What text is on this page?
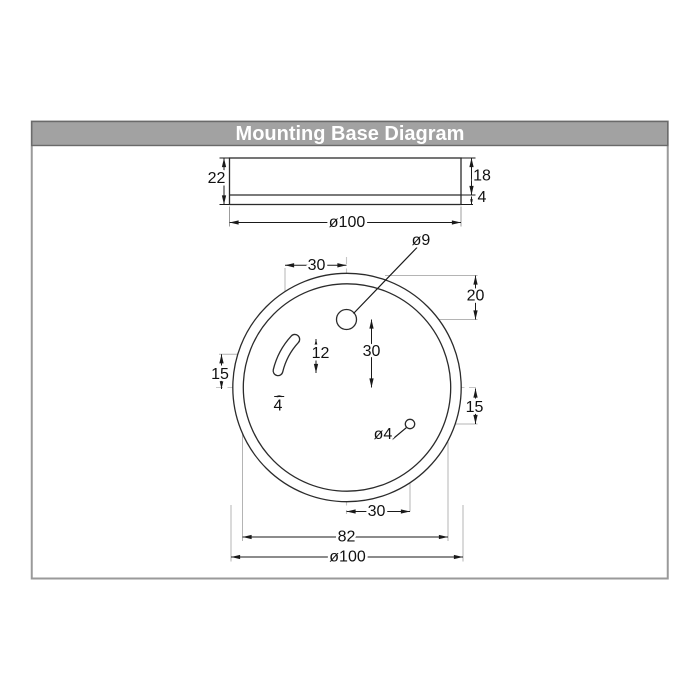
Mounting Base Diagram
22	18
4
ø100
30
20
30
12
15
4	15
30
82
ø100
ø9
ø4
